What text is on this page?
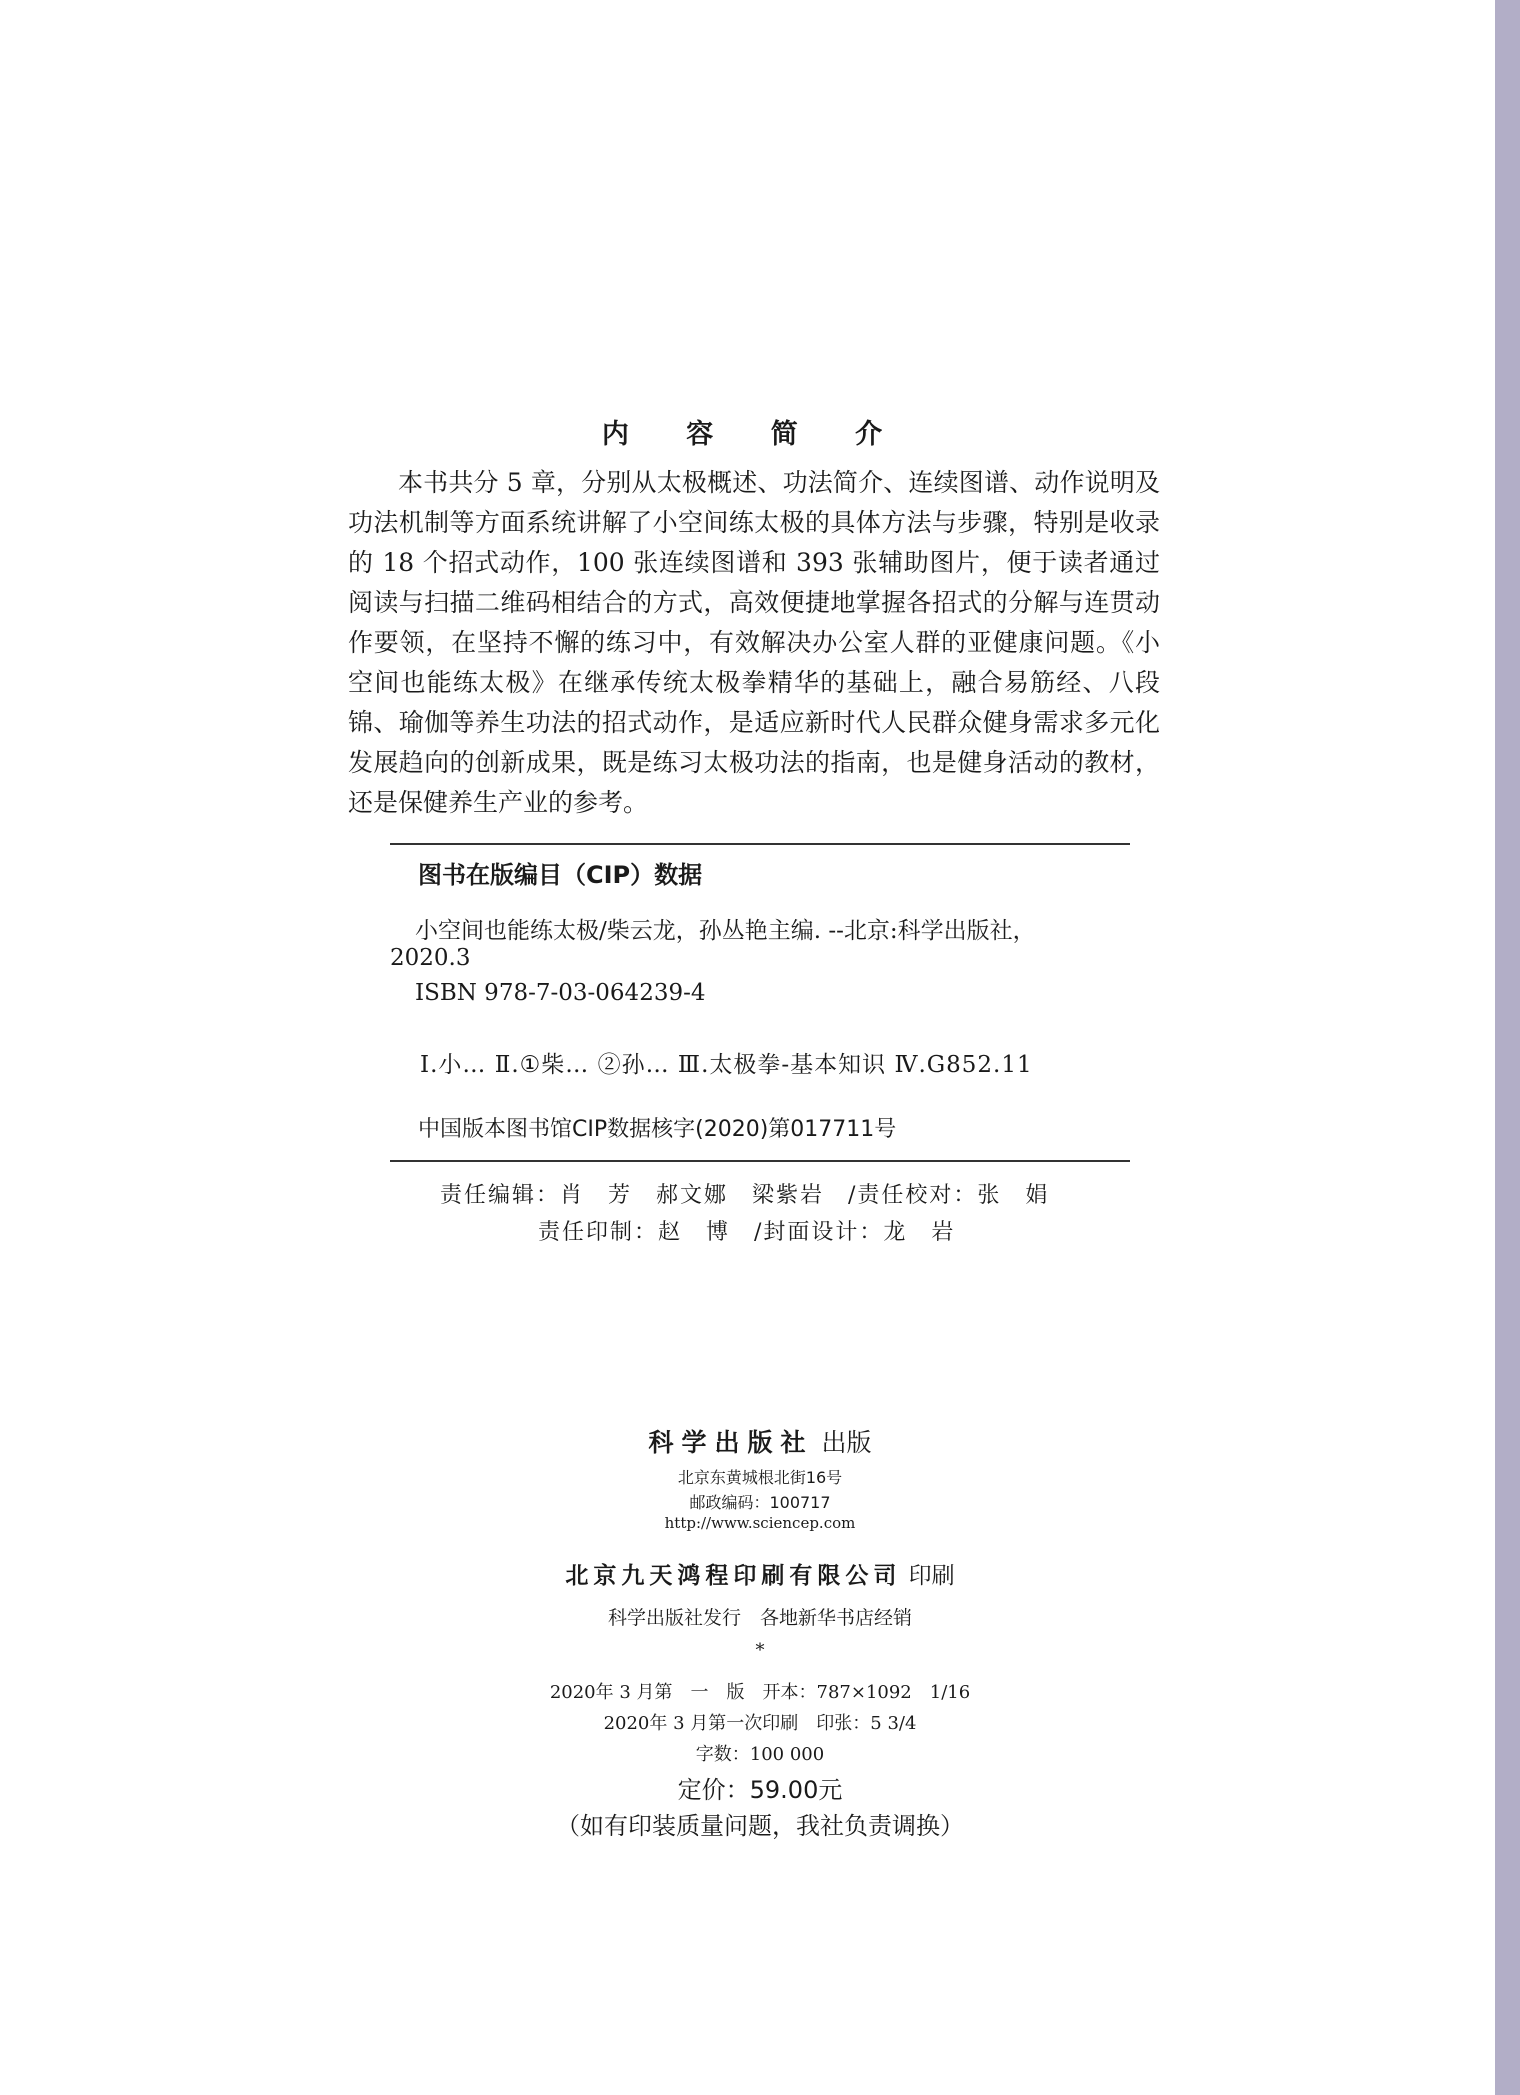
内 容 简 介

本书共分 5 章，分别从太极概述、功法简介、连续图谱、动作说明及功法机制等方面系统讲解了小空间练太极的具体方法与步骤，特别是收录的 18 个招式动作，100 张连续图谱和 393 张辅助图片，便于读者通过阅读与扫描二维码相结合的方式，高效便捷地掌握各招式的分解与连贯动作要领，在坚持不懈的练习中，有效解决办公室人群的亚健康问题。《小空间也能练太极》在继承传统太极拳精华的基础上，融合易筋经、八段锦、瑜伽等养生功法的招式动作，是适应新时代人民群众健身需求多元化发展趋向的创新成果，既是练习太极功法的指南，也是健身活动的教材，还是保健养生产业的参考。

图书在版编目（CIP）数据
小空间也能练太极/柴云龙，孙丛艳主编. --北京:科学出版社，
2020.3
ISBN 978-7-03-064239-4
Ⅰ.小… Ⅱ.①柴… ②孙… Ⅲ.太极拳-基本知识 Ⅳ.G852.11
中国版本图书馆CIP数据核字(2020)第017711号
责任编辑：肖　芳　郝文娜　梁紫岩　/责任校对：张　娟
责任印制：赵　博　/封面设计：龙　岩
科学出版社 出版
北京东黄城根北街16号
邮政编码：100717
http://www.sciencep.com
北京九天鸿程印刷有限公司 印刷
科学出版社发行　各地新华书店经销
*
2020年 3 月第　一　版　开本：787×1092　1/16
2020年 3 月第一次印刷　印张：5 3/4
字数：100 000
定价：59.00元
（如有印装质量问题，我社负责调换）
